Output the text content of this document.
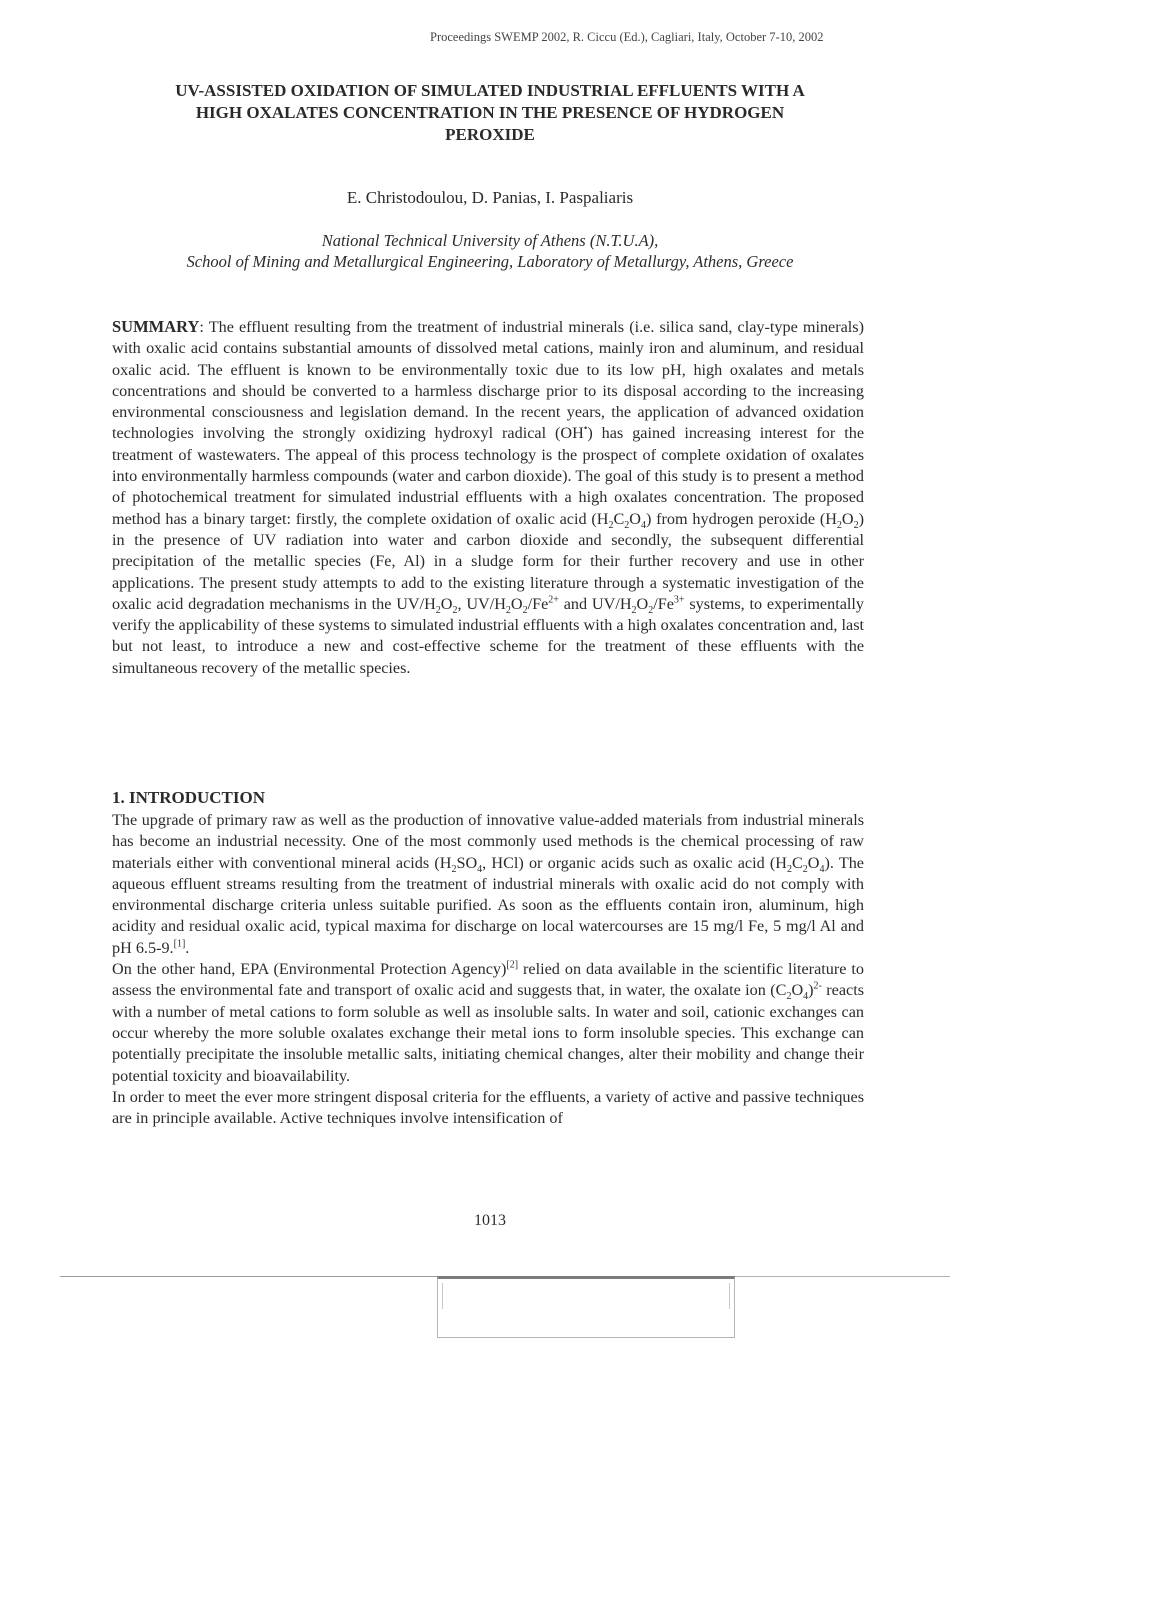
Proceedings SWEMP 2002, R. Ciccu (Ed.), Cagliari, Italy, October 7-10, 2002
UV-ASSISTED OXIDATION OF SIMULATED INDUSTRIAL EFFLUENTS WITH A
HIGH OXALATES CONCENTRATION IN THE PRESENCE OF HYDROGEN
PEROXIDE
E. Christodoulou, D. Panias, I. Paspaliaris
National Technical University of Athens (N.T.U.A),
School of Mining and Metallurgical Engineering, Laboratory of Metallurgy, Athens, Greece
SUMMARY: The effluent resulting from the treatment of industrial minerals (i.e. silica sand, clay-type minerals) with oxalic acid contains substantial amounts of dissolved metal cations, mainly iron and aluminum, and residual oxalic acid. The effluent is known to be environmentally toxic due to its low pH, high oxalates and metals concentrations and should be converted to a harmless discharge prior to its disposal according to the increasing environmental consciousness and legislation demand. In the recent years, the application of advanced oxidation technologies involving the strongly oxidizing hydroxyl radical (OH•) has gained increasing interest for the treatment of wastewaters. The appeal of this process technology is the prospect of complete oxidation of oxalates into environmentally harmless compounds (water and carbon dioxide). The goal of this study is to present a method of photochemical treatment for simulated industrial effluents with a high oxalates concentration. The proposed method has a binary target: firstly, the complete oxidation of oxalic acid $(H_2C_2O_4)$ from hydrogen peroxide $(H_2O_2)$ in the presence of UV radiation into water and carbon dioxide and secondly, the subsequent differential precipitation of the metallic species (Fe, Al) in a sludge form for their further recovery and use in other applications. The present study attempts to add to the existing literature through a systematic investigation of the oxalic acid degradation mechanisms in the $UV/H_2O_2$, $UV/H_2O_2/Fe^{2+}$ and $UV/H_2O_2/Fe^{3+}$ systems, to experimentally verify the applicability of these systems to simulated industrial effluents with a high oxalates concentration and, last but not least, to introduce a new and cost-effective scheme for the treatment of these effluents with the simultaneous recovery of the metallic species.
1. INTRODUCTION

The upgrade of primary raw as well as the production of innovative value-added materials from industrial minerals has become an industrial necessity. One of the most commonly used methods is the chemical processing of raw materials either with conventional mineral acids ($H_2SO_4$, HCl) or organic acids such as oxalic acid $(H_2C_2O_4)$. The aqueous effluent streams resulting from the treatment of industrial minerals with oxalic acid do not comply with environmental discharge criteria unless suitable purified. As soon as the effluents contain iron, aluminum, high acidity and residual oxalic acid, typical maxima for discharge on local watercourses are 15 mg/l Fe, 5 mg/l Al and pH 6.5-9.[1].

On the other hand, EPA (Environmental Protection Agency)[2] relied on data available in the scientific literature to assess the environmental fate and transport of oxalic acid and suggests that, in water, the oxalate ion $(C_2O_4)^{2-}$ reacts with a number of metal cations to form soluble as well as insoluble salts. In water and soil, cationic exchanges can occur whereby the more soluble oxalates exchange their metal ions to form insoluble species. This exchange can potentially precipitate the insoluble metallic salts, initiating chemical changes, alter their mobility and change their potential toxicity and bioavailability.

In order to meet the ever more stringent disposal criteria for the effluents, a variety of active and passive techniques are in principle available. Active techniques involve intensification of

1013
